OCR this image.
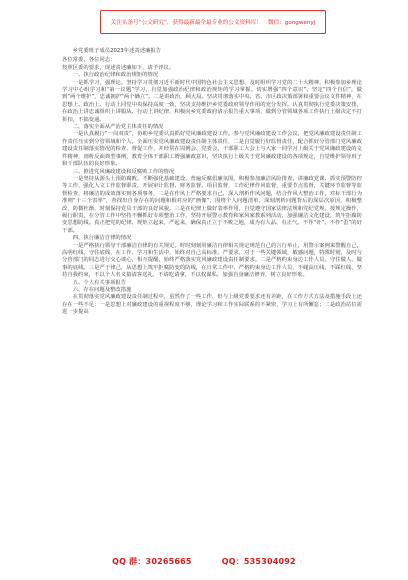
关注头条号“公文研究”，获得最新最全最专业的公文资料库！ 微信：gongwenyj

乡党委班子成员2023年述责述廉报告

各位常委、各位同志：

按照区委的要求，现述责述廉如下，请予评议。

一、执行政治纪律和政治规矩的情况

一是抓学习，强理论。坚持学习贯彻习近平新时代中国特色社会主义思想，及时组织学习党的二十大精神，积极参加乡理论学习中心组学习和“第一议题”学习，自觉加强政治纪律和政治规矩的学习掌握。切实增强“四个意识”、坚定“四个自信”，做到“两个维护”，忠诚拥护“两个确立”。二是讲政治，顾大局。坚决贯彻落实中央、省、市区政决策部署和重要会议文件精神，在思想上、政治上、行动上同党中央保持高度一致，坚决支持维护乡党委政府领导作用的充分发挥。认真贯彻执行党委决策安排，在政治上讲忠诚组织上讲服从、行动上讲纪律，积极向乡党委政府请示报告重大事项，做到分管领域各项工作执行上级决定不打折扣，不搞变通。

二、落实全面从严治党主体责任的情况

一是认真履行“一岗双责”，协助乡党委认真抓好党风廉政建设工作。参与党风廉政建设工作会议，把党风廉政建设责任制工作责任压实到分管领域和个人。全面压实党风廉政建设责任制主体责任，二是自觉履行好监督责任，配合抓好分管部门党风廉政建设责任制落实情况的检查、督促工作，并经常在周例会、党委会、干部职工大会上与大家一同学习上级关于党风廉政建设的文件精神，剖析反面典型事例，教育全体干部职工增强廉政意识，坚决执行上级关于党风廉政建设的各项规定，自觉维护领导班子和干部队伍的良好形象。

三、推进党风廉政建设和反腐败工作的情况

一是坚持从源头上预防腐败。不断强化基础建设，普遍反腐倡廉氛围，积极参加廉洁风险排查、讲廉政党课、抓实预警防控等工作，强化人文工作监督职责，开展审计监督、财务监督、项目监督，工作纪律作风监督，重要节点监督，关键环节监督等监督检查，将廉洁的成效落实到各项事务，二是在作风上严格要求自己，深入剖析作风问题，结合作风大整治工作，对标干部行为准则“十三个表率”，查找出自身存在的问题和相对应的“画像”，围绕个人问题清单，深刻剖析问题背后的深层次原因，积极整改，防微杜渐，时刻保持党员干部的良好风貌。三是在纪律上做好表率作用，自觉遵守国家法律法规和党纪党规，按规定操作，履行职责，在分管工作中坚持不懈抓好专项整治工作，坚持开展警示教育和家风家教系列活动，加强廉洁文化建设，筑牢拒腐防变思想防线。真正把党的纪律、规矩立起来，严起来，确保真正立于不败之地，成为有人品、有正气、不作“奸”、不作“歪”的好干部。

四、执行廉洁自律的情况

一是严格执行领导干部廉洁自律的有关规定。时时刻刻用廉洁自律相关规定规范自己的言行举止，用警示案例来警醒自己，高明红线，守住底线，在工作、学习和生活中，始终对自己高标准、严要求，对于一些关键领域，敏感问题，特殊时刻，及时与分管部门的同志进行交心谈心，相互提醒，始终严格落实党风廉政建设责任制要求。二是严格约束身边工作人员，守住做人、做事的底线。三是严于律己，从思想上筑牢拒腐防变的防线，在日常工作中，严格约束身边工作人员，不碰高压线，不踩红线，坚持自我约束，不以个人名义搞请客送礼，不请吃请拿，不以权谋私，加强自身廉洁修养，树立良好形象。

五、个人有关事项报告

六、存在问题及整改措施

在贯彻落实党风廉政建设责任制过程中，虽然作了一些工作，但与上级党委要求还有差距，在工作方式方法及措施手段上还存在一些不足：一是思想上对廉政建设的重视程度不够，理论学习和工作实际联系的不紧密，学习上有所懈怠；二是政治站位需进一步提高

QQ 群：30265665	QQ：535304092
